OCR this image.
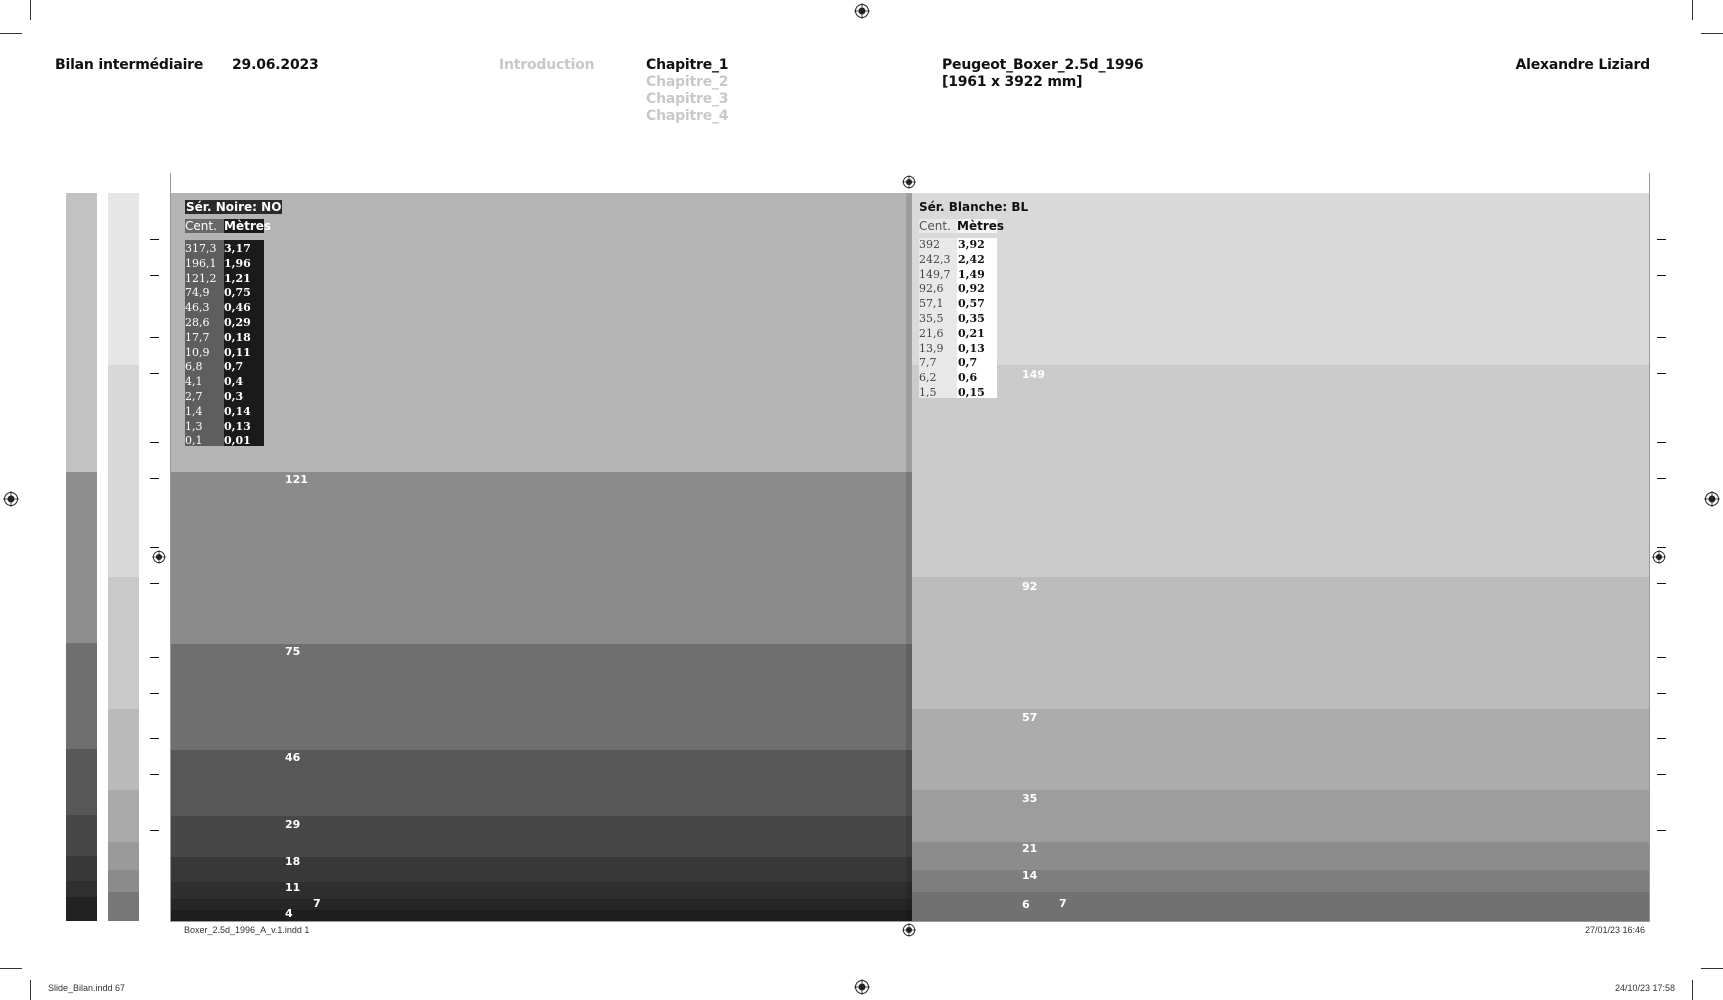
Bilan intermédiaire 29.06.2023	Introduction	Chapitre_1
Chapitre_2
Chapitre_3
Chapitre_4
Peugeot_Boxer_2.5d_1996
[1961 x 3922 mm]
Alexandre Liziard
121
75
46
29
18
11
7
4
Sér. Noire: NO
Cent. Mètres
317,3 3,17
196,1 1,96
121,2 1,21
74,9	0,75
46,3	0,46
28,6	0,29
17,7	0,18
10,9	0,11
6,8	0,7
4,1	0,4
2,7	0,3
1,4	0,14
1,3	0,13
0,1	0,01
149
92
57
35
21
14
6	7
Sér. Blanche: BL
Cent. Mètres
392	3,92
242,3 2,42
149,7 1,49
92,6	0,92
57,1	0,57
35,5	0,35
21,6	0,21
13,9	0,13
7,7	0,7
6,2	0,6
1,5	0,15
Boxer_2.5d_1996_A_v.1.indd 1	27/01/23 16:46
Slide_Bilan.indd 67	24/10/23 17:58
